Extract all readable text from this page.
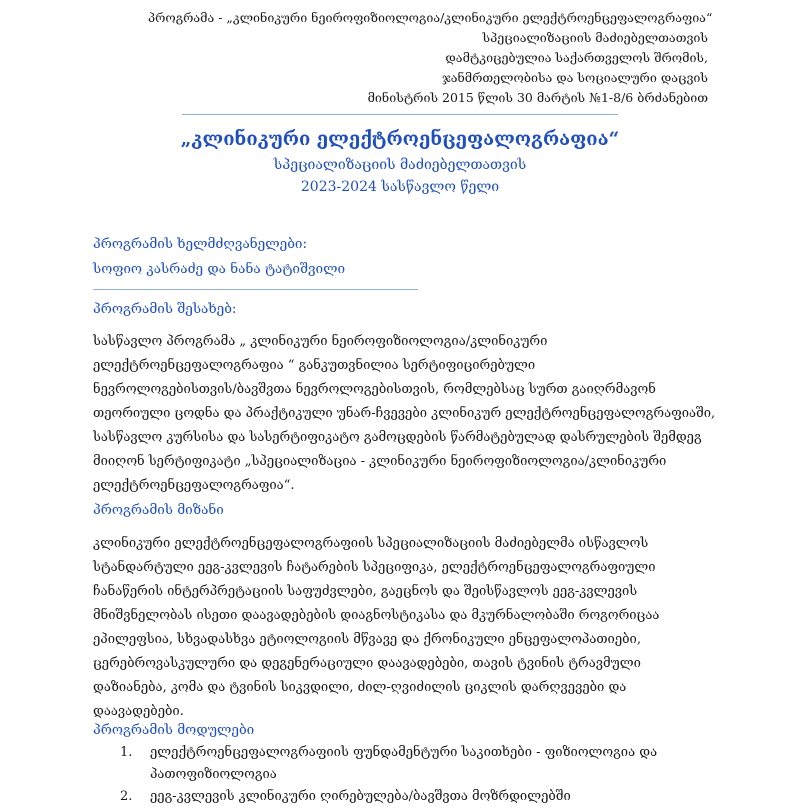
პროგრამა - „კლინიკური ნეიროფიზიოლოგია/კლინიკური ელექტროენცეფალოგრაფია“
სპეციალიზაციის მაძიებელთათვის
დამტკიცებულია საქართველოს შრომის,
ჯანმრთელობისა და სოციალური დაცვის
მინისტრის 2015 წლის 30 მარტის №1-8/6 ბრძანებით
„კლინიკური ელექტროენცეფალოგრაფია“
სპეციალიზაციის მაძიებელთათვის
2023-2024 სასწავლო წელი
პროგრამის ხელმძღვანელები:
სოფიო კასრაძე და ნანა ტატიშვილი
პროგრამის შესახებ:
სასწავლო პროგრამა „ კლინიკური ნეიროფიზიოლოგია/კლინიკური
ელექტროენცეფალოგრაფია “ განკუთვნილია სერტიფიცირებული
ნევროლოგებისთვის/ბავშვთა ნევროლოგებისთვის, რომლებსაც სურთ გაიღრმავონ
თეორიული ცოდნა და პრაქტიკული უნარ-ჩვევები კლინიკურ ელექტროენცეფალოგრაფიაში,
სასწავლო კურსისა და სასერტიფიკატო გამოცდების წარმატებულად დასრულების შემდეგ
მიიღონ სერტიფიკატი „სპეციალიზაცია - კლინიკური ნეიროფიზიოლოგია/კლინიკური
ელექტროენცეფალოგრაფია“.
პროგრამის მიზანი
კლინიკური ელექტროენცეფალოგრაფიის სპეციალიზაციის მაძიებელმა ისწავლოს
სტანდარტული ეეგ-კვლევის ჩატარების სპეციფიკა, ელექტროენცეფალოგრაფიული
ჩანაწერის ინტერპრეტაციის საფუძვლები, გაეცნოს და შეისწავლოს ეეგ-კვლევის
მნიშვნელობას ისეთი დაავადებების დიაგნოსტიკასა და მკურნალობაში როგორიცაა
ეპილეფსია, სხვადასხვა ეტიოლოგიის მწვავე და ქრონიკული ენცეფალოპათიები,
ცერებროვასკულური და დეგენერაციული დაავადებები, თავის ტვინის ტრავმული
დაზიანება, კომა და ტვინის სიკვდილი, ძილ-ღვიძილის ციკლის დარღვევები და
დაავადებები.
პროგრამის მოდულები
1. ელექტროენცეფალოგრაფიის ფუნდამენტური საკითხები - ფიზიოლოგია და
პათოფიზიოლოგია
2. ეეგ-კვლევის კლინიკური ღირებულება/ბავშვთა მოზრდილებში
